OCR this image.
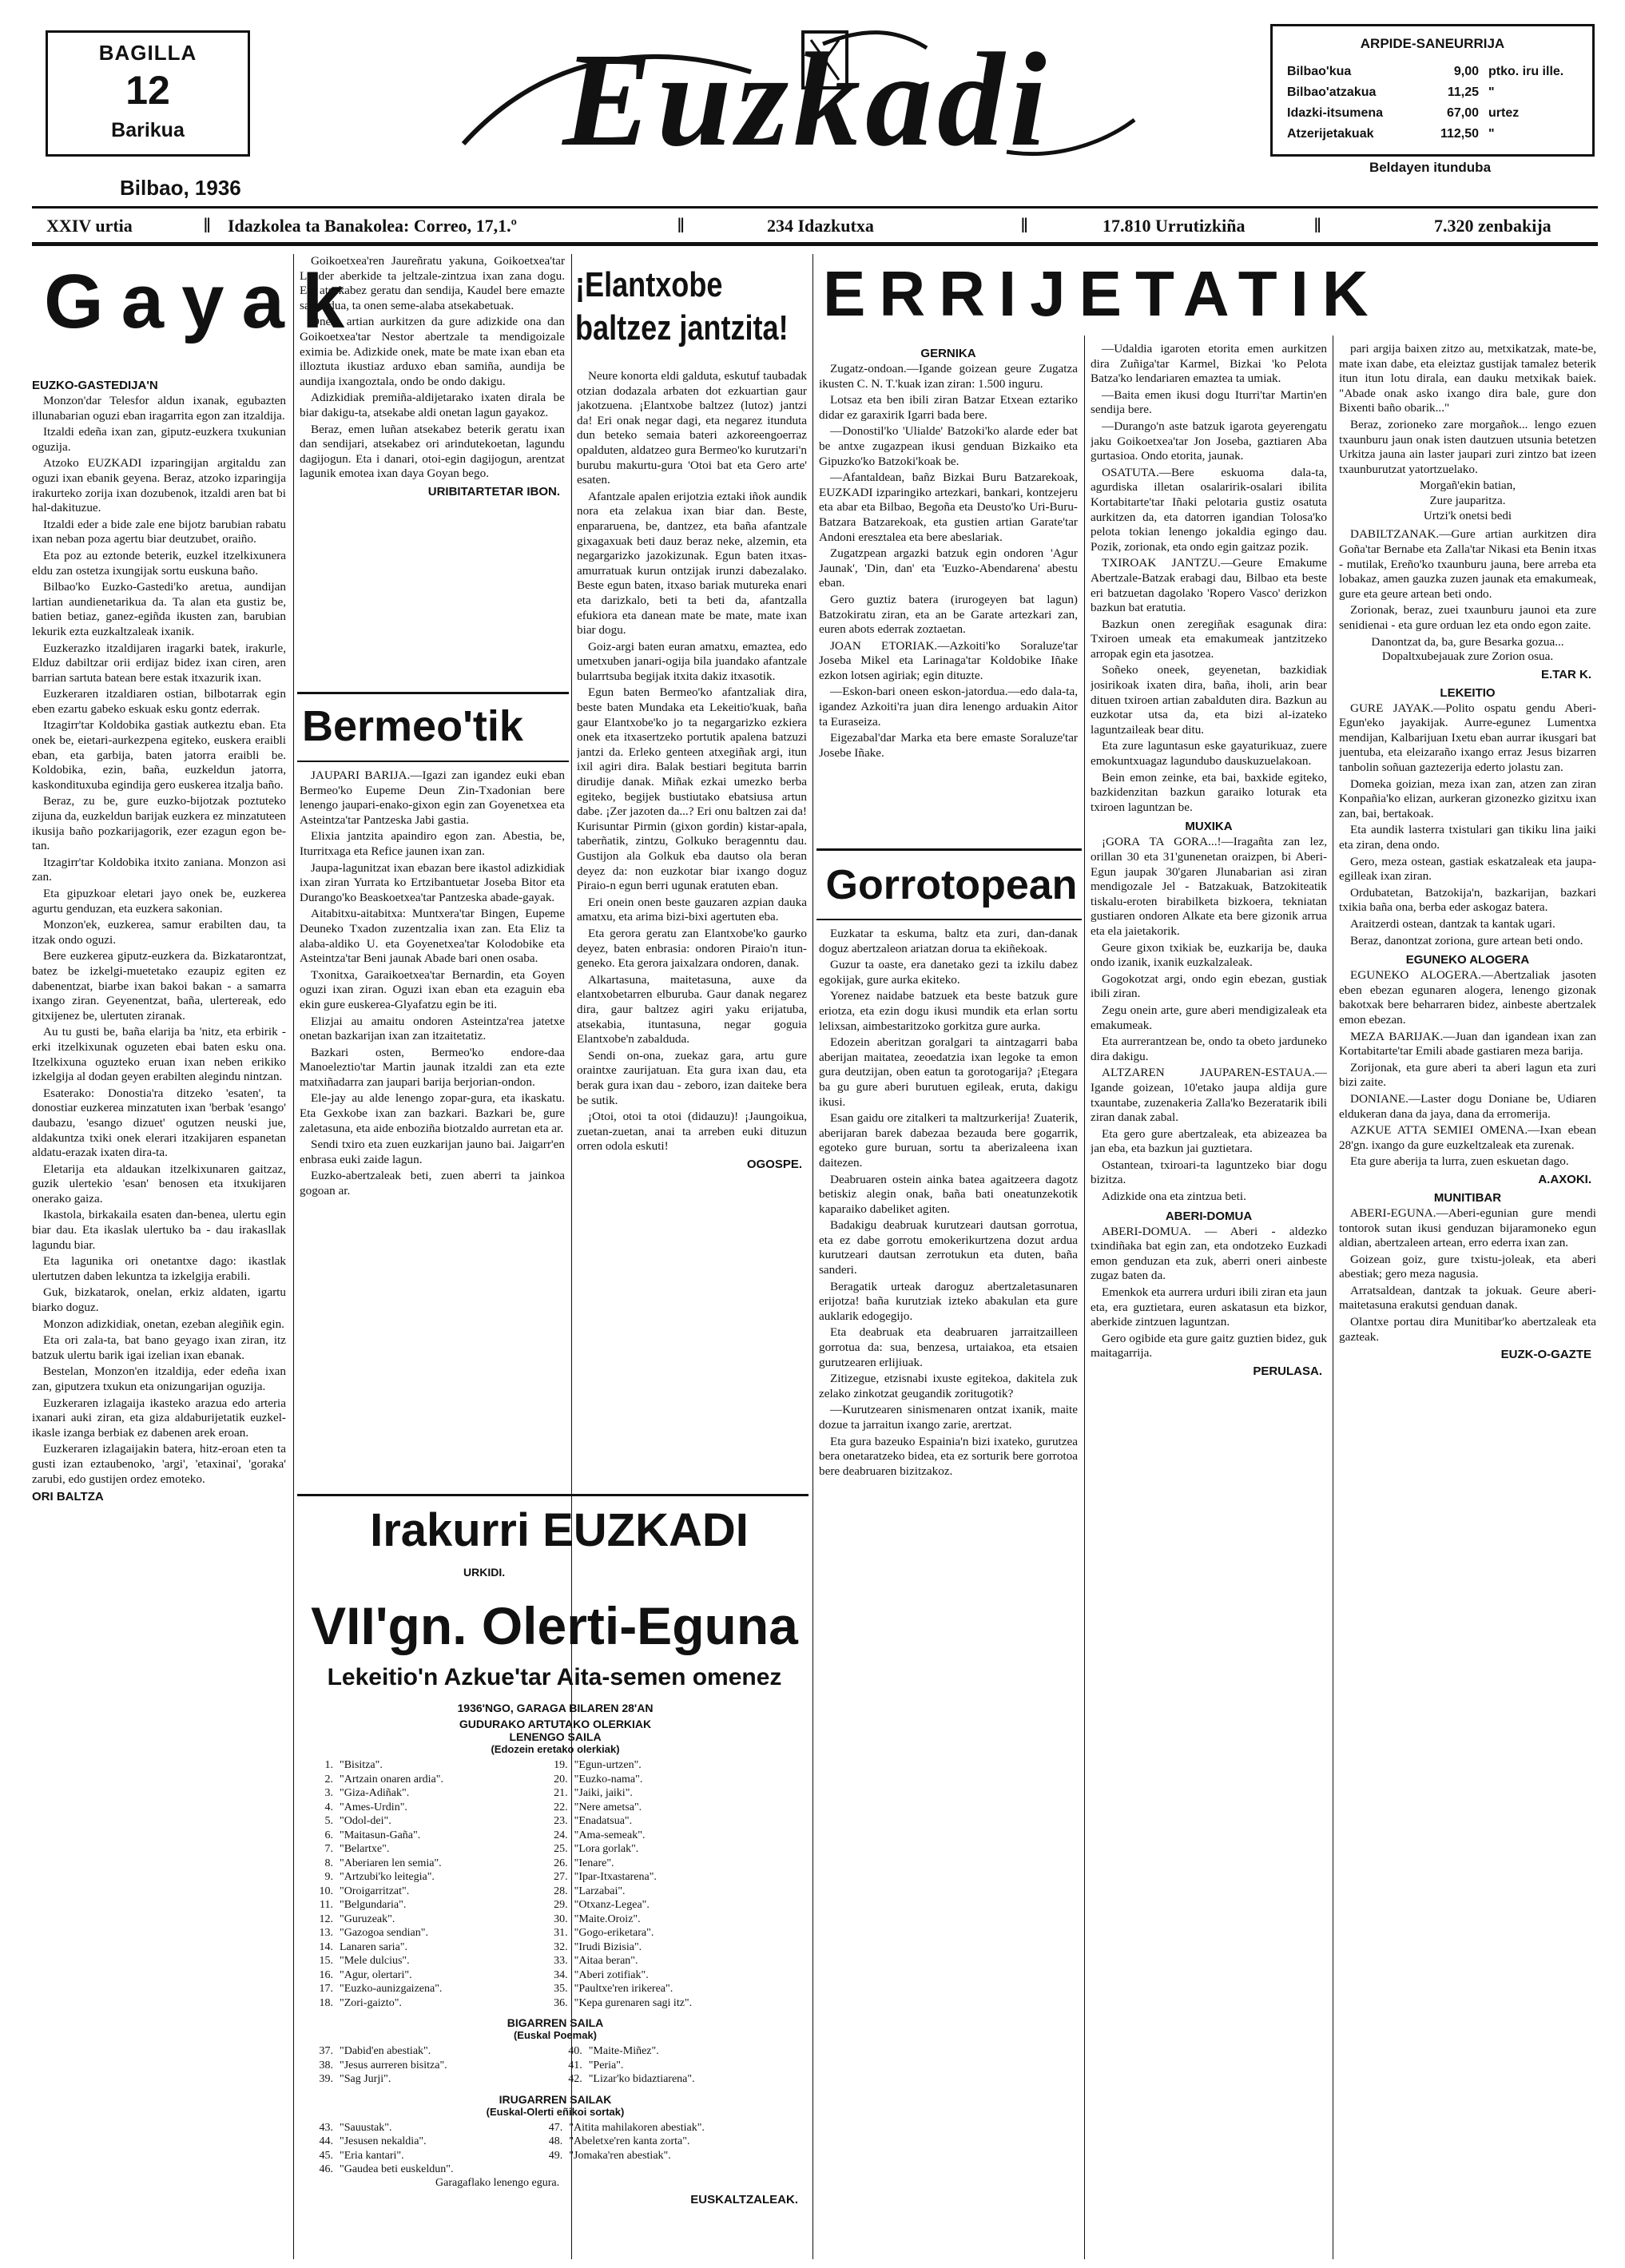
BAGILLA
12
Barikua
Bilbao, 1936
Euzkadi	ARPIDE-SANEURRIJA
Bilbao'kua	9,00 ptko. iru ille.
Bilbao'atzakua	11,25 "
Idazki-itsumena	67,00 urtez
Atzerijetakuak	112,50 "
Beldayen itunduba
XXIV urtia	‖ Idazkolea ta Banakolea: Correo, 17,1.º	‖	234 Idazkutxa	‖	17.810 Urrutizkiña	‖	7.320 zenbakija
Gayak	¡Elantxobe baltzez jantzita! ERRIJETATIK
EUZKO-GASTEDIJA'N

Monzon'dar Telesfor aldun ixanak, egubazten illunabarian oguzi eban iragarrita egon zan itzaldija.

Itzaldi edeña ixan zan, giputz-euzkera txukunian oguzija.

Atzoko EUZKADI izparingijan argitaldu zan oguzi ixan ebanik geyena. Beraz, atzoko izparingija irakurteko zorija ixan dozubenok, itzaldi aren bat bi hal-dakituzue.

Itzaldi eder a bide zale ene bijotz barubian rabatu ixan neban poza agertu biar deutzubet, oraiño.

Eta poz au eztonde beterik, euzkel itzelkixunera eldu zan ostetza ixungijak sortu euskuna baño.

Bilbao'ko Euzko-Gastedi'ko aretua, aundijan lartian aundienetarikua da. Ta alan eta gustiz be, batien betiaz, ganez-egiñda ikusten zan, barubian lekurik ezta euzkaltzaleak ixanik.

Euzkerazko itzaldijaren iragarki batek, irakurle, Elduz dabiltzar orii erdijaz bidez ixan ciren, aren barrian sartuta batean bere estak itxazurik ixan.

Euzkeraren itzaldiaren ostian, bilbotarrak egin eben ezartu gabeko eskuak esku gontz ederrak.

Itzagirr'tar Koldobika gastiak autkeztu eban. Eta onek be, eietari-aurkezpena egiteko, euskera eraibli eban, eta garbija, baten jatorra eraibli be. Koldobika, ezin, baña, euzkeldun jatorra, kaskondituxuba egindija gero euskerea itzalja baño.

Beraz, zu be, gure euzko-bijotzak poztuteko zijuna da, euzkeldun barijak euzkera ez minzatuteen ikusija baño pozkarijagorik, ezer ezagun egon be-tan.

Itzagirr'tar Koldobika itxito zaniana. Monzon asi zan.

Eta gipuzkoar eletari jayo onek be, euzkerea agurtu genduzan, eta euzkera sakonian.

Monzon'ek, euzkerea, samur erabilten dau, ta itzak ondo oguzi.

Bere euzkerea giputz-euzkera da. Bizkatarontzat, batez be izkelgi-muetetako ezaupiz egiten ez dabenentzat, biarbe ixan bakoi bakan - a samarra ixango ziran. Geyenentzat, baña, ulertereak, edo gitxijenez be, ulertuten ziranak.

Au tu gusti be, baña elarija ba 'nitz, eta erbirik - erki itzelkixunak oguzeten ebai baten esku ona. Itzelkixuna oguzteko eruan ixan neben erikiko izkelgija al dodan geyen erabilten alegindu nintzan.

Esaterako: Donostia'ra ditzeko 'esaten', ta donostiar euzkerea minzatuten ixan 'berbak 'esango' daubazu, 'esango dizuet' ogutzen neuski jue, aldakuntza txiki onek elerari itzakijaren espanetan aldatu-erazak ixaten dira-ta.

Eletarija eta aldaukan itzelkixunaren gaitzaz, guzik ulertekio 'esan' benosen eta itxukijaren onerako gaiza.

Ikastola, birkakaila esaten dan-benea, ulertu egin biar dau. Eta ikaslak ulertuko ba - dau irakasllak lagundu biar.

Eta lagunika ori onetantxe dago: ikastlak ulertutzen daben lekuntza ta izkelgija erabili.

Guk, bizkatarok, onelan, erkiz aldaten, igartu biarko doguz.

Monzon adizkidiak, onetan, ezeban alegiñik egin.

Eta ori zala-ta, bat bano geyago ixan ziran, itz batzuk ulertu barik igai izelian ixan ebanak.

Bestelan, Monzon'en itzaldija, eder edeña ixan zan, giputzera txukun eta onizungarijan oguzija.

Euzkeraren izlagaija ikasteko arazua edo arteria ixanari auki ziran, eta giza aldaburijetatik euzkel-ikasle izanga berbiak ez dabenen arek eroan.

Euzkeraren izlagaijakin batera, hitz-eroan eten ta gusti izan eztaubenoko, 'argi', 'etaxinai', 'goraka' zarubi, edo gustijen ordez emoteko.

ORI BALTZA

Goikoetxea'ren Jaureñratu yakuna, Goikoetxea'tar Lander aberkide ta jeltzale-zintzua ixan zana dogu. Eta atsekabez geratu dan sendija, Kaudel bere emazte samindua, ta onen seme-alaba atsekabetuak.

Onein artian aurkitzen da gure adizkide ona dan Goikoetxea'tar Nestor abertzale ta mendigoizale eximia be. Adizkide onek, mate be mate ixan eban eta illoztuta ikustiaz arduxo eban samiña, aundija be aundija ixangoztala, ondo be ondo dakigu.

Adizkidiak premiña-aldijetarako ixaten dirala be biar dakigu-ta, atsekabe aldi onetan lagun gayakoz.

Beraz, emen luñan atsekabez beterik geratu ixan dan sendijari, atsekabez ori arindutekoetan, lagundu dagijogun. Eta i danari, otoi-egin dagijogun, arentzat lagunik emotea ixan daya Goyan bego.

URIBITARTETAR IBON.
Bermeo'tik

JAUPARI BARIJA.—Igazi zan igandez euki eban Bermeo'ko Eupeme Deun Zin-Txadonian bere lenengo jaupari-enako-gixon egin zan Goyenetxea eta Asteintza'tar Pantzeska Jabi gastia.

Elixia jantzita apaindiro egon zan. Abestia, be, Iturritxaga eta Refice jaunen ixan zan.

Jaupa-lagunitzat ixan ebazan bere ikastol adizkidiak ixan ziran Yurrata ko Ertzibantuetar Joseba Bitor eta Durango'ko Beaskoetxea'tar Pantzeska abade-gayak.

Aitabitxu-aitabitxa: Muntxera'tar Bingen, Eupeme Deuneko Txadon zuzentzalia ixan zan. Eta Eliz ta alaba-aldiko U. eta Goyenetxea'tar Kolodobike eta Asteintza'tar Beni jaunak Abade bari onen osaba.

Txonitxa, Garaikoetxea'tar Bernardin, eta Goyen oguzi ixan ziran. Oguzi ixan eban eta ezaguin eba ekin gure euskerea-Glyafatzu egin be iti.

Elizjai au amaitu ondoren Asteintza'rea jatetxe onetan bazkarijan ixan zan itzaitetatiz.

Bazkari osten, Bermeo'ko endore-daa Manoeleztio'tar Martin jaunak itzaldi zan eta ezte matxiñadarra zan jaupari barija berjorian-ondon.

Ele-jay au alde lenengo zopar-gura, eta ikaskatu. Eta Gexkobe ixan zan bazkari. Bazkari be, gure zaletasuna, eta aide enboziña biotzaldo aurretan eta ar.

Sendi txiro eta zuen euzkarijan jauno bai. Jaigarr'en enbrasa euki zaide lagun.

Euzko-abertzaleak beti, zuen aberri ta jainkoa gogoan ar.

Neure konorta eldi galduta, eskutuf taubadak otzian dodazala arbaten dot ezkuartian gaur jakotzuena. ¡Elantxobe baltzez (lutoz) jantzi da! Eri onak negar dagi, eta negarez itunduta dun beteko semaia bateri azkoreengoerraz opalduten, aldatzeo gura Bermeo'ko kurutzari'n burubu makurtu-gura 'Otoi bat eta Gero arte' esaten.

Afantzale apalen erijotzia eztaki iñok aundik nora eta zelakua ixan biar dan. Beste, enpararuena, be, dantzez, eta baña afantzale gixagaxuak beti dauz beraz neke, alzemin, eta negargarizko jazokizunak. Egun baten itxas-amurratuak kurun ontzijak irunzi dabezalako. Beste egun baten, itxaso bariak mutureka enari eta darizkalo, beti ta beti da, afantzalla efukiora eta danean mate be mate, mate ixan biar dogu.

Goiz-argi baten euran amatxu, emaztea, edo umetxuben janari-ogija bila juandako afantzale bularrtsuba begijak itxita dakiz itxasotik.

Egun baten Bermeo'ko afantzaliak dira, beste baten Mundaka eta Lekeitio'kuak, baña gaur Elantxobe'ko jo ta negargarizko ezkiera onek eta itxasertzeko portutik apalena batzuzi jantzi da. Erleko genteen atxegiñak argi, itun ixil agiri dira. Balak bestiari begituta barrin dirudije danak. Miñak ezkai umezko berba egiteko, begijek bustiutako ebatsiusa artun dabe. ¡Zer jazoten da...? Eri onu baltzen zai da! Kurisuntar Pirmin (gixon gordin) kistar-apala, taberñatik, zintzu, Golkuko beragenntu dau. Gustijon ala Golkuk eba dautso ola beran deyez da: non euzkotar biar ixango doguz Piraio-n egun berri ugunak eratuten eban.

Eri onein onen beste gauzaren azpian dauka amatxu, eta arima bizi-bixi agertuten eba.

Eta gerora geratu zan Elantxobe'ko gaurko deyez, baten enbrasia: ondoren Piraio'n itun-geneko. Eta gerora jaixalzara ondoren, danak.

Alkartasuna, maitetasuna, auxe da elantxobetarren elburuba. Gaur danak negarez dira, gaur baltzez agiri yaku erijatuba, atsekabia, ituntasuna, negar goguia Elantxobe'n zabalduda.

Sendi on-ona, zuekaz gara, artu gure oraintxe zaurijatuan. Eta gura ixan dau, eta berak gura ixan dau - zeboro, izan daiteke bera be sutik.

¡Otoi, otoi ta otoi (didauzu)! ¡Jaungoikua, zuetan-zuetan, anai ta arreben euki dituzun orren odola eskuti!

OGOSPE.
Irakurri EUZKADI
URKIDI.
VII'gn. Olerti-Eguna
Lekeitio'n Azkue'tar Aita-semen omenez
1936'NGO, GARAGA BILAREN 28'AN
GUDURAKO ARTUTAKO OLERKIAK
LENENGO SAILA
(Edozein eretako olerkiak)
1.	"Bisitza".	19.	"Egun-urtzen".
2.	"Artzain onaren ardia".	20.	"Euzko-nama".
3.	"Giza-Adiñak".	21.	"Jaiki, jaiki".
4.	"Ames-Urdin".	22.	"Nere ametsa".
5.	"Odol-dei".	23.	"Enadatsua".
6.	"Maitasun-Gaña".	24.	"Ama-semeak".
7.	"Belartxe".	25.	"Lora gorlak".
8.	"Aberiaren len semia".	26.	"Ienare".
9.	"Artzubi'ko leitegia".	27.	"Ipar-Itxastarena".
10.	"Oroigarritzat".	28.	"Larzabai".
11.	"Belgundaria".	29.	"Otxanz-Legea".
12.	"Guruzeak".	30.	"Maite.Oroiz".
13.	"Gazogoa sendian".	31.	"Gogo-eriketara".
14.	Lanaren saria".	32.	"Irudi Bizisia".
15.	"Mele dulcius".	33.	"Aitaa beran".
16.	"Agur, olertari".	34.	"Aberi zotifiak".
17.	"Euzko-aunizgaizena".	35.	"Paultxe'ren irikerea".
18.	"Zori-gaizto".	36.	"Kepa gurenaren sagi itz".
BIGARREN SAILA
(Euskal Poemak)
37.	"Dabid'en abestiak".	40.	"Maite-Miñez".
38.	"Jesus aurreren bisitza".	41.	"Peria".
39.	"Sag Jurji".	42.	"Lizar'ko bidaztiarena".
IRUGARREN SAILAK
(Euskal-Olerti eñikoi sortak)
43.	"Sauustak".	47.	"Aitita mahilakoren abestiak".
44.	"Jesusen nekaldia".	48.	"Abeletxe'ren kanta zorta".
45.	"Eria kantari".	49.	"Jomaka'ren abestiak".
46.	"Gaudea beti euskeldun".		
Garagaflako lenengo egura.
EUSKALTZALEAK.
GERNIKA

Zugatz-ondoan.—Igande goizean geure Zugatza ikusten C. N. T.'kuak izan ziran: 1.500 inguru.

Lotsaz eta ben ibili ziran Batzar Etxean eztariko didar ez garaxirik Igarri bada bere.

—Donostil'ko 'Ulialde' Batzoki'ko alarde eder bat be antxe zugazpean ikusi genduan Bizkaiko eta Gipuzko'ko Batzoki'koak be.

—Afantaldean, bañz Bizkai Buru Batzarekoak, EUZKADI izparingiko artezkari, bankari, kontzejeru eta abar eta Bilbao, Begoña eta Deusto'ko Uri-Buru-Batzara Batzarekoak, eta gustien artian Garate'tar Andoni eresztalea eta bere abeslariak.

Zugatzpean argazki batzuk egin ondoren 'Agur Jaunak', 'Din, dan' eta 'Euzko-Abendarena' abestu eban.

Gero guztiz batera (irurogeyen bat lagun) Batzokiratu ziran, eta an be Garate artezkari zan, euren abots ederrak zoztaetan.

JOAN ETORIAK.—Azkoiti'ko Soraluze'tar Joseba Mikel eta Larinaga'tar Koldobike Iñake ezkon lotsen agiriak; egin dituzte.

—Eskon-bari oneen eskon-jatordua.—edo dala-ta, igandez Azkoiti'ra juan dira lenengo arduakin Aitor ta Euraseiza.

Eigezabal'dar Marka eta bere emaste Soraluze'tar Josebe Iñake.

Gorrotopean

Euzkatar ta eskuma, baltz eta zuri, dan-danak doguz abertzaleon ariatzan dorua ta ekiñekoak.

Guzur ta oaste, era danetako gezi ta izkilu dabez egokijak, gure aurka ekiteko.

Yorenez naidabe batzuek eta beste batzuk gure eriotza, eta ezin dogu ikusi mundik eta erlan sortu lelixsan, aimbestaritzoko gorkitza gure aurka.

Edozein aberitzan goralgari ta aintzagarri baba aberijan maitatea, zeoedatzia ixan legoke ta emon gura deutzijan, oben eatun ta gorotogarija? ¡Etegara ba gu gure aberi burutuen egileak, eruta, dakigu ikusi.

Esan gaidu ore zitalkeri ta maltzurkerija! Zuaterik, aberijaran barek dabezaa bezauda bere gogarrik, egoteko gure buruan, sortu ta aberizaleena ixan daitezen.

Deabruaren ostein ainka batea agaitzeera dagotz betiskiz alegin onak, baña bati oneatunzekotik kaparaiko dabeliket agiten.

Badakigu deabruak kurutzeari dautsan gorrotua, eta ez dabe gorrotu emokerikurtzena dozut ardua kurutzeari dautsan zerrotukun eta duten, baña sanderi.

Beragatik urteak daroguz abertzaletasunaren erijotza! baña kurutziak izteko abakulan eta gure auklarik edogegijo.

Eta deabruak eta deabruaren jarraitzailleen gorrotua da: sua, benzesa, urtaiakoa, eta etsaien gurutzearen erlijiuak.

Zitizegue, etzisnabi ixuste egitekoa, dakitela zuk zelako zinkotzat geugandik zoritugotik?

—Kurutzearen sinismenaren ontzat ixanik, maite dozue ta jarraitun ixango zarie, arertzat.

Eta gura bazeuko Espainia'n bizi ixateko, gurutzea bera onetaratzeko bidea, eta ez sorturik bere gorrotoa bere deabruaren bizitzakoz.

—Udaldia igaroten etorita emen aurkitzen dira Zuñiga'tar Karmel, Bizkai 'ko Pelota Batza'ko lendariaren emaztea ta umiak.

—Baita emen ikusi dogu Iturri'tar Martin'en sendija bere.

—Durango'n aste batzuk igarota geyerengatu jaku Goikoetxea'tar Jon Joseba, gaztiaren Aba gurtasioa. Ondo etorita, jaunak.

OSATUTA.—Bere eskuoma dala-ta, agurdiska illetan osalaririk-osalari ibilita Kortabitarte'tar Iñaki pelotaria gustiz osatuta aurkitzen da, eta datorren igandian Tolosa'ko pelota tokian lenengo jokaldia egingo dau. Pozik, zorionak, eta ondo egin gaitzaz pozik.

TXIROAK JANTZU.—Geure Emakume Abertzale-Batzak erabagi dau, Bilbao eta beste eri batzuetan dagolako 'Ropero Vasco' derizkon bazkun bat eratutia.

Bazkun onen zeregiñak esagunak dira: Txiroen umeak eta emakumeak jantzitzeko arropak egin eta jasotzea.

Soñeko oneek, geyenetan, bazkidiak josirikoak ixaten dira, baña, iholi, arin bear dituen txiroen artian zabalduten dira. Bazkun au euzkotar utsa da, eta bizi al-izateko laguntzaileak bear ditu.

Eta zure laguntasun eske gayaturikuaz, zuere emokuntxuagaz lagundubo dauskuzuelakoan.

Bein emon zeinke, eta bai, baxkide egiteko, bazkidenzitan bazkun garaiko loturak eta txiroen laguntzan be.

MUXIKA

¡GORA TA GORA...!—Iragañta zan lez, orillan 30 eta 31'gunenetan oraizpen, bi Aberi-Egun jaupak 30'garen Jlunabarian asi ziran mendigozale Jel - Batzakuak, Batzokiteatik tiskalu-eroten birabilketa bizkoera, tekniatan gustiaren ondoren Alkate eta bere gizonik arrua eta ela jaietakorik.

Geure gixon txikiak be, euzkarija be, dauka ondo izanik, ixanik euzkalzaleak.

Gogokotzat argi, ondo egin ebezan, gustiak ibili ziran.

Zegu onein arte, gure aberi mendigizaleak eta emakumeak.

Eta aurrerantzean be, ondo ta obeto jarduneko dira dakigu.

ALTZAREN JAUPAREN-ESTAUA.—Igande goizean, 10'etako jaupa aldija gure txauntabe, zuzenakeria Zalla'ko Bezeratarik ibili ziran danak zabal.

Eta gero gure abertzaleak, eta abizeazea ba jan eba, eta bazkun jai guztietara.

Ostantean, txiroari-ta laguntzeko biar dogu bizitza.

Adizkide ona eta zintzua beti.

ABERI-DOMUA

ABERI-DOMUA. — Aberi - aldezko txindiñaka bat egin zan, eta ondotzeko Euzkadi emon genduzan eta zuk, aberri oneri ainbeste zugaz baten da.

Emenkok eta aurrera urduri ibili ziran eta jaun eta, era guztietara, euren askatasun eta bizkor, aberkide zintzuen laguntzan.

Gero ogibide eta gure gaitz guztien bidez, guk maitagarrija.

PERULASA.

pari argija baixen zitzo au, metxikatzak, mate-be, mate ixan dabe, eta eleiztaz gustijak tamalez beterik itun itun lotu dirala, ean dauku metxikak baiek. "Abade onak asko ixango dira bale, gure don Bixenti baño obarik..."

Beraz, zorioneko zare morgañok... lengo ezuen txaunburu jaun onak isten dautzuen utsunia betetzen Urkitza jauna ain laster jaupari zuri zintzo bat izeen txaunburutzat yatortzuelako.

Morgañ'ekin batian,
Zure jauparitza.
Urtzi'k onetsi bedi

DABILTZANAK.—Gure artian aurkitzen dira Goña'tar Bernabe eta Zalla'tar Nikasi eta Benin itxas - mutilak, Ereño'ko txaunburu jauna, bere arreba eta lobakaz, amen gauzka zuzen jaunak eta emakumeak, gure eta geure artean beti ondo.

Zorionak, beraz, zuei txaunburu jaunoi eta zure senidienai - eta gure orduan lez eta ondo egon zaite.

Danontzat da, ba, gure Besarka gozua... Dopaltxubejauak zure Zorion osua.

E.TAR K.
LEKEITIO

GURE JAYAK.—Polito ospatu gendu Aberi-Egun'eko jayakijak. Aurre-egunez Lumentxa mendijan, Kalbarijuan Ixetu eban aurrar ikusgari bat juentuba, eta eleizaraño ixango erraz Jesus bizarren tanbolin soñuan gaztezerija ederto jolastu zan.

Domeka goizian, meza ixan zan, atzen zan ziran Konpañia'ko elizan, aurkeran gizonezko gizitxu ixan zan, bai, bertakoak.

Eta aundik lasterra txistulari gan tikiku lina jaiki eta ziran, dena ondo.

Gero, meza ostean, gastiak eskatzaleak eta jaupa-egilleak ixan ziran.

Ordubatetan, Batzokija'n, bazkarijan, bazkari txikia baña ona, berba eder askogaz batera.

Araitzerdi ostean, dantzak ta kantak ugari.

Beraz, danontzat zoriona, gure artean beti ondo.

EGUNEKO ALOGERA

EGUNEKO ALOGERA.—Abertzaliak jasoten eben ebezan egunaren alogera, lenengo gizonak bakotxak bere beharraren bidez, ainbeste abertzalek emon ebezan.

MEZA BARIJAK.—Juan dan igandean ixan zan Kortabitarte'tar Emili abade gastiaren meza barija.

Zorijonak, eta gure aberi ta aberi lagun eta zuri bizi zaite.

DONIANE.—Laster dogu Doniane be, Udiaren eldukeran dana da jaya, dana da erromerija.

AZKUE ATTA SEMIEI OMENA.—Ixan ebean 28'gn. ixango da gure euzkeltzaleak eta zurenak.

Eta gure aberija ta lurra, zuen eskuetan dago.

A.AXOKI.
MUNITIBAR

ABERI-EGUNA.—Aberi-egunian gure mendi tontorok sutan ikusi genduzan bijaramoneko egun aldian, abertzaleen artean, erro ederra ixan zan.

Goizean goiz, gure txistu-joleak, eta aberi abestiak; gero meza nagusia.

Arratsaldean, dantzak ta jokuak. Geure aberi-maitetasuna erakutsi genduan danak.

Olantxe portau dira Munitibar'ko abertzaleak eta gazteak.

EUZK-O-GAZTE
